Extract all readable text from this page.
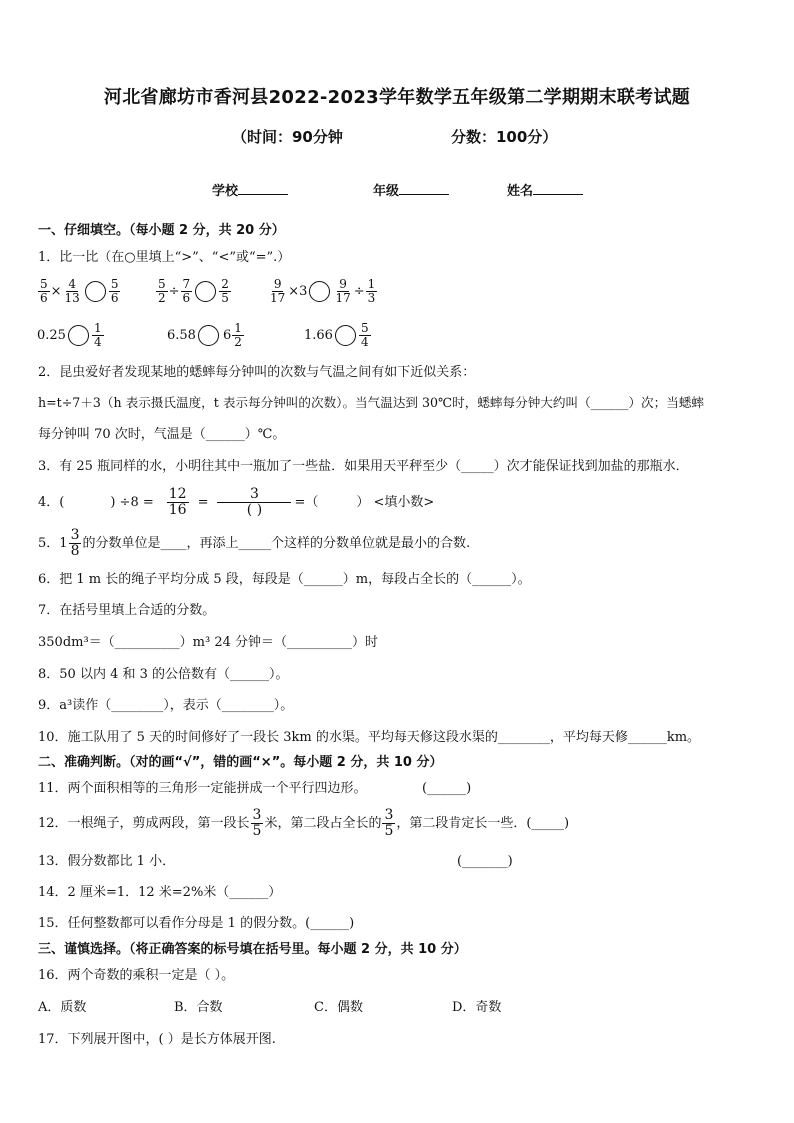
河北省廊坊市香河县2022-2023学年数学五年级第二学期期末联考试题
（时间：90分钟	分数：100分）
学校	年级	姓名
一、仔细填空。（每小题 2 分，共 20 分）
1．比一比（在○里填上“>”、“<”或“=”.）
$\frac{5}{6} \times \frac{4}{13} \frac{5}{6}$	$\frac{5}{2} \div \frac{7}{6} \frac{2}{5}$	$\frac{9}{17} \times 3 \frac{9}{17} \div \frac{1}{3}$
$0.25 \frac{1}{4}$	6.58 $6 \frac{1}{2}$	$1.66 \frac{5}{4}$
2．昆虫爱好者发现某地的蟋蟀每分钟叫的次数与气温之间有如下近似关系：
h=t÷7＋3（h 表示摄氏温度，t 表示每分钟叫的次数）。当气温达到 30℃时，蟋蟀每分钟大约叫（______）次；当蟋蟀
每分钟叫 70 次时，气温是（______）℃。
3．有 25 瓶同样的水，小明往其中一瓶加了一些盐．如果用天平秤至少（_____）次才能保证找到加盐的那瓶水．
4．(	) $\div 8 = \frac{12}{16} = \frac{3}{( )}$ =（	） <填小数>
5． $1 \frac{3}{8}$ 的分数单位是____，再添上_____个这样的分数单位就是最小的合数.
6．把 1 m 长的绳子平均分成 5 段，每段是（______）m，每段占全长的（______）。
7．在括号里填上合适的分数。
350dm³＝（__________）m³ 24 分钟＝（__________）时
8．50 以内 4 和 3 的公倍数有（______）。
9．a³读作（________），表示（________）。
10．施工队用了 5 天的时间修好了一段长 3km 的水渠。平均每天修这段水渠的________，平均每天修______km。
二、准确判断。（对的画“√”，错的画“×”。每小题 2 分，共 10 分）
11．两个面积相等的三角形一定能拼成一个平行四边形。	(______)
12．一根绳子，剪成两段，第一段长 $\frac{3}{5}$ 米，第二段占全长的 $\frac{3}{5}$ ，第二段肯定长一些．(_____)
13．假分数都比 1 小．	(_______)
14．2 厘米=1．12 米=2%米（______）
15．任何整数都可以看作分母是 1 的假分数。(______)
三、谨慎选择。（将正确答案的标号填在括号里。每小题 2 分，共 10 分）
16．两个奇数的乘积一定是（ ）。
A．质数	B．合数	C．偶数	D．奇数
17．下列展开图中，( ）是长方体展开图.
